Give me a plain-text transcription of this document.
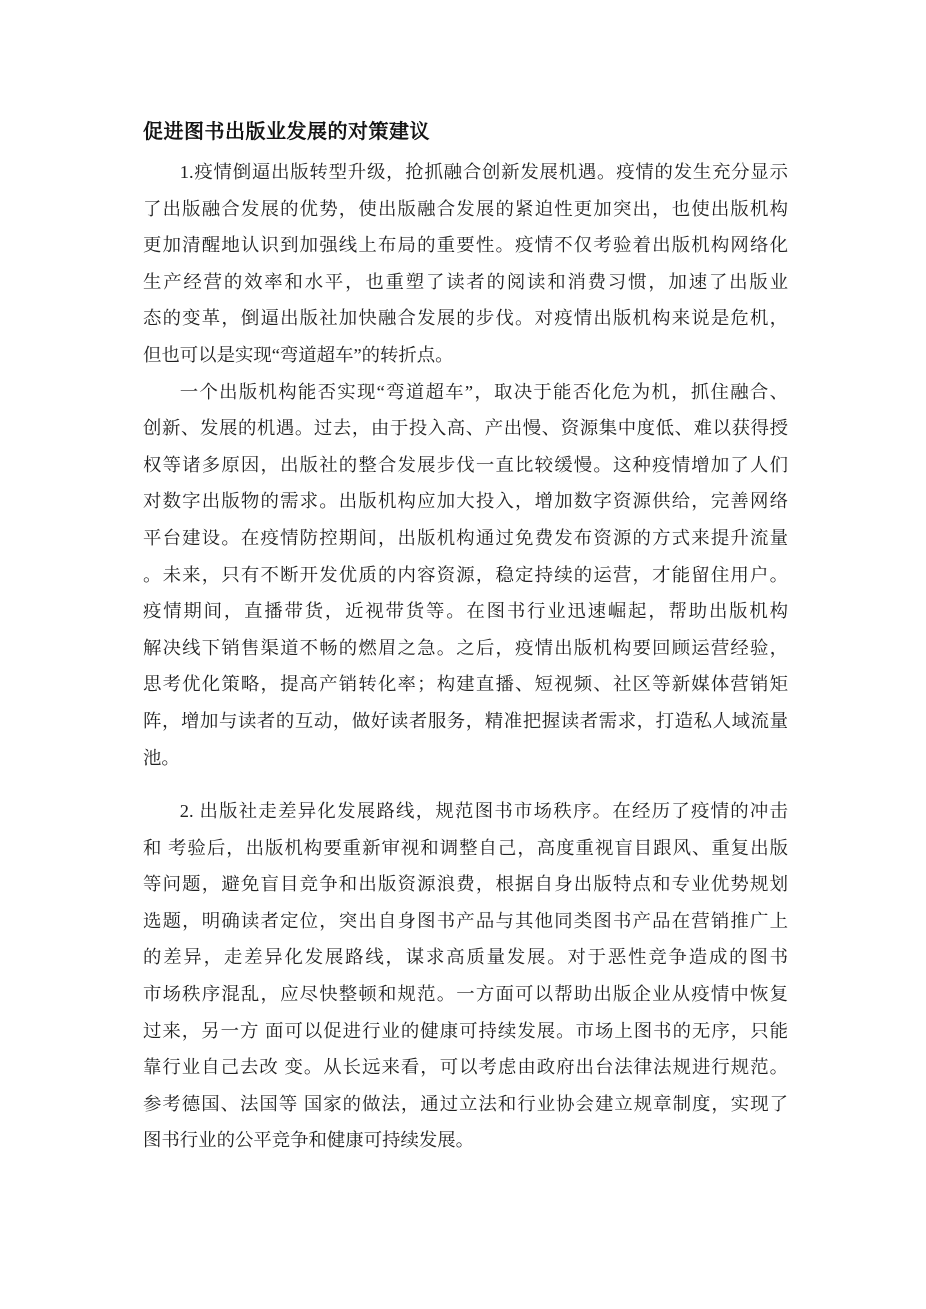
促进图书出版业发展的对策建议
1.疫情倒逼出版转型升级，抢抓融合创新发展机遇。疫情的发生充分显示
了出版融合发展的优势，使出版融合发展的紧迫性更加突出，也使出版机构
更加清醒地认识到加强线上布局的重要性。疫情不仅考验着出版机构网络化
生产经营的效率和水平，也重塑了读者的阅读和消费习惯，加速了出版业
态的变革，倒逼出版社加快融合发展的步伐。对疫情出版机构来说是危机，
但也可以是实现“弯道超车”的转折点。
一个出版机构能否实现“弯道超车”，取决于能否化危为机，抓住融合、
创新、发展的机遇。过去，由于投入高、产出慢、资源集中度低、难以获得授
权等诸多原因，出版社的整合发展步伐一直比较缓慢。这种疫情增加了人们
对数字出版物的需求。出版机构应加大投入，增加数字资源供给，完善网络
平台建设。在疫情防控期间，出版机构通过免费发布资源的方式来提升流量
。未来，只有不断开发优质的内容资源，稳定持续的运营，才能留住用户。
疫情期间，直播带货，近视带货等。在图书行业迅速崛起，帮助出版机构
解决线下销售渠道不畅的燃眉之急。之后，疫情出版机构要回顾运营经验，
思考优化策略，提高产销转化率；构建直播、短视频、社区等新媒体营销矩
阵，增加与读者的互动，做好读者服务，精准把握读者需求，打造私人域流量
池。
2. 出版社走差异化发展路线，规范图书市场秩序。在经历了疫情的冲击
和 考验后，出版机构要重新审视和调整自己，高度重视盲目跟风、重复出版
等问题，避免盲目竞争和出版资源浪费，根据自身出版特点和专业优势规划
选题，明确读者定位，突出自身图书产品与其他同类图书产品在营销推广上
的差异，走差异化发展路线，谋求高质量发展。对于恶性竞争造成的图书
市场秩序混乱，应尽快整顿和规范。一方面可以帮助出版企业从疫情中恢复
过来，另一方 面可以促进行业的健康可持续发展。市场上图书的无序，只能
靠行业自己去改 变。从长远来看，可以考虑由政府出台法律法规进行规范。
参考德国、法国等 国家的做法，通过立法和行业协会建立规章制度，实现了
图书行业的公平竞争和健康可持续发展。
